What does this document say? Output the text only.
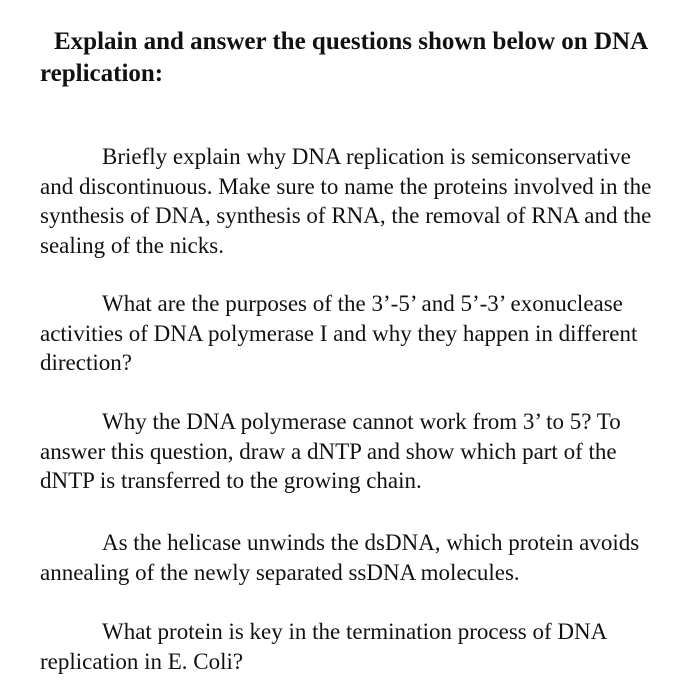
Explain and answer the questions shown below on DNA replication:

Briefly explain why DNA replication is semiconservative and discontinuous. Make sure to name the proteins involved in the synthesis of DNA, synthesis of RNA, the removal of RNA and the sealing of the nicks.

What are the purposes of the 3’-5’ and 5’-3’ exonuclease activities of DNA polymerase I and why they happen in different direction?

Why the DNA polymerase cannot work from 3’ to 5? To answer this question, draw a dNTP and show which part of the dNTP is transferred to the growing chain.

As the helicase unwinds the dsDNA, which protein avoids annealing of the newly separated ssDNA molecules.

What protein is key in the termination process of DNA replication in E. Coli?
